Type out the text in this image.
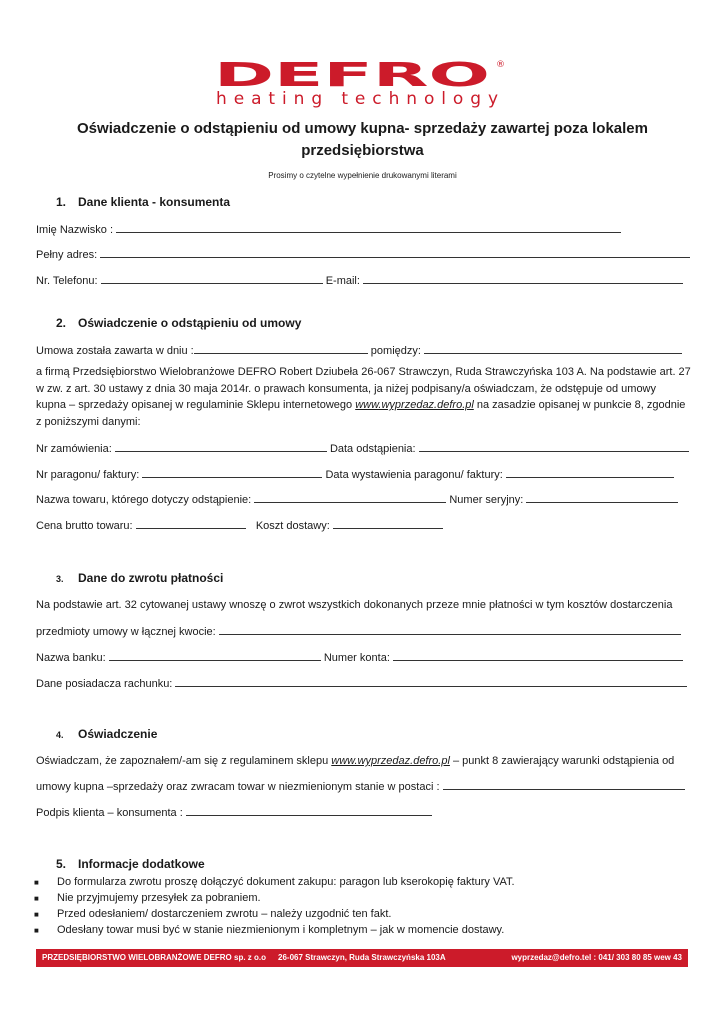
DEFRO ®
heating technology
Oświadczenie o odstąpieniu od umowy kupna- sprzedaży zawartej poza lokalem przedsiębiorstwa
Prosimy o czytelne wypełnienie drukowanymi literami
1. Dane klienta - konsumenta
Imię Nazwisko :
Pełny adres:
Nr. Telefonu:	E-mail:
2. Oświadczenie o odstąpieniu od umowy
Umowa została zawarta w dniu :	pomiędzy:
a firmą Przedsiębiorstwo Wielobranżowe DEFRO Robert Dziubeła 26-067 Strawczyn, Ruda Strawczyńska 103 A. Na podstawie art. 27
w zw. z art. 30 ustawy z dnia 30 maja 2014r. o prawach konsumenta, ja niżej podpisany/a oświadczam, że odstępuje od umowy
kupna – sprzedaży opisanej w regulaminie Sklepu internetowego www.wyprzedaz.defro.pl na zasadzie opisanej w punkcie 8, zgodnie
z poniższymi danymi:
Nr zamówienia:	Data odstąpienia:
Nr paragonu/ faktury:	Data wystawienia paragonu/ faktury:
Nazwa towaru, którego dotyczy odstąpienie:	Numer seryjny:
Cena brutto towaru:	Koszt dostawy:
3. Dane do zwrotu płatności
Na podstawie art. 32 cytowanej ustawy wnoszę o zwrot wszystkich dokonanych przeze mnie płatności w tym kosztów dostarczenia
przedmioty umowy w łącznej kwocie:
Nazwa banku:	Numer konta:
Dane posiadacza rachunku:
4. Oświadczenie
Oświadczam, że zapoznałem/-am się z regulaminem sklepu www.wyprzedaz.defro.pl – punkt 8 zawierający warunki odstąpienia od
umowy kupna –sprzedaży oraz zwracam towar w niezmienionym stanie w postaci :
Podpis klienta – konsumenta :
5. Informacje dodatkowe
■ Do formularza zwrotu proszę dołączyć dokument zakupu: paragon lub kserokopię faktury VAT.
■ Nie przyjmujemy przesyłek za pobraniem.
■ Przed odesłaniem/ dostarczeniem zwrotu – należy uzgodnić ten fakt.
■ Odesłany towar musi być w stanie niezmienionym i kompletnym – jak w momencie dostawy.
PRZEDSIĘBIORSTWO WIELOBRANŻOWE DEFRO sp. z o.o 26-067 Strawczyn, Ruda Strawczyńska 103A	wyprzedaz@defro.tel : 041/ 303 80 85 wew 43
